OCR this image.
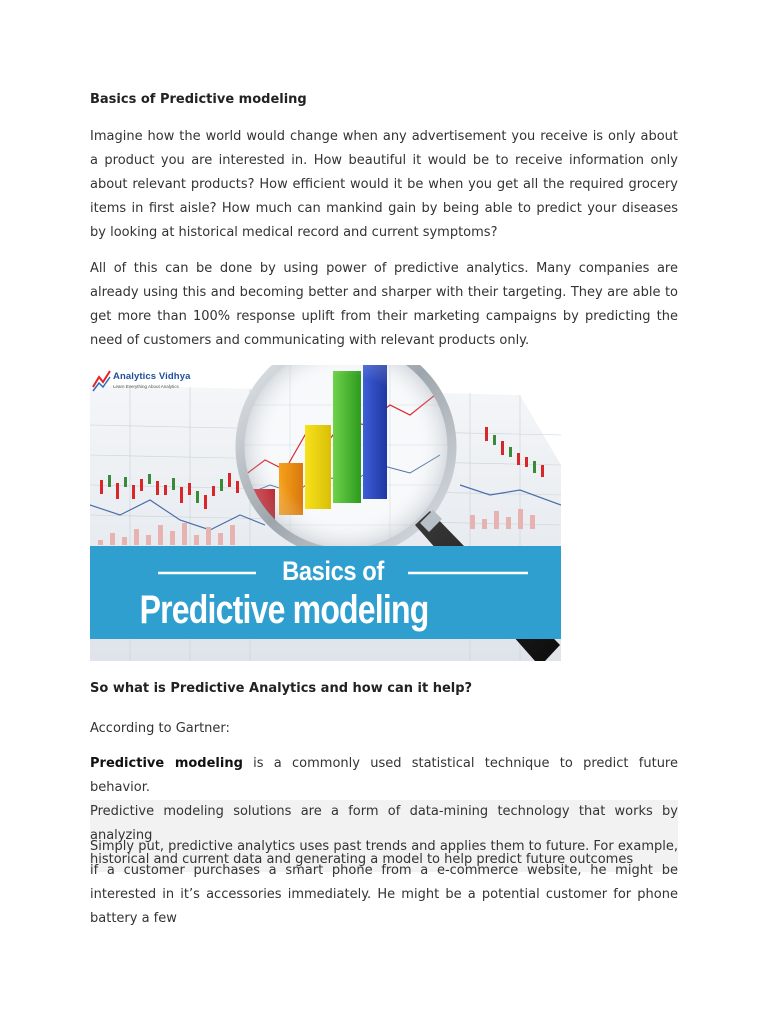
Basics of Predictive modeling

Imagine how the world would change when any advertisement you receive is only about a product you are interested in. How beautiful it would be to receive information only about relevant products? How efficient would it be when you get all the required grocery items in first aisle? How much can mankind gain by being able to predict your diseases by looking at historical medical record and current symptoms?

All of this can be done by using power of predictive analytics. Many companies are already using this and becoming better and sharper with their targeting. They are able to get more than 100% response uplift from their marketing campaigns by predicting the need of customers and communicating with relevant products only.

Analytics Vidhya
Learn Everything About Analytics
Basics of
Predictive modeling
So what is Predictive Analytics and how can it help?

According to Gartner:

Predictive modeling is a commonly used statistical technique to predict future behavior.
Predictive modeling solutions are a form of data-mining technology that works by analyzing
historical and current data and generating a model to help predict future outcomes

Simply put, predictive analytics uses past trends and applies them to future. For example, if a customer purchases a smart phone from a e-commerce website, he might be interested in it’s accessories immediately. He might be a potential customer for phone battery a few
